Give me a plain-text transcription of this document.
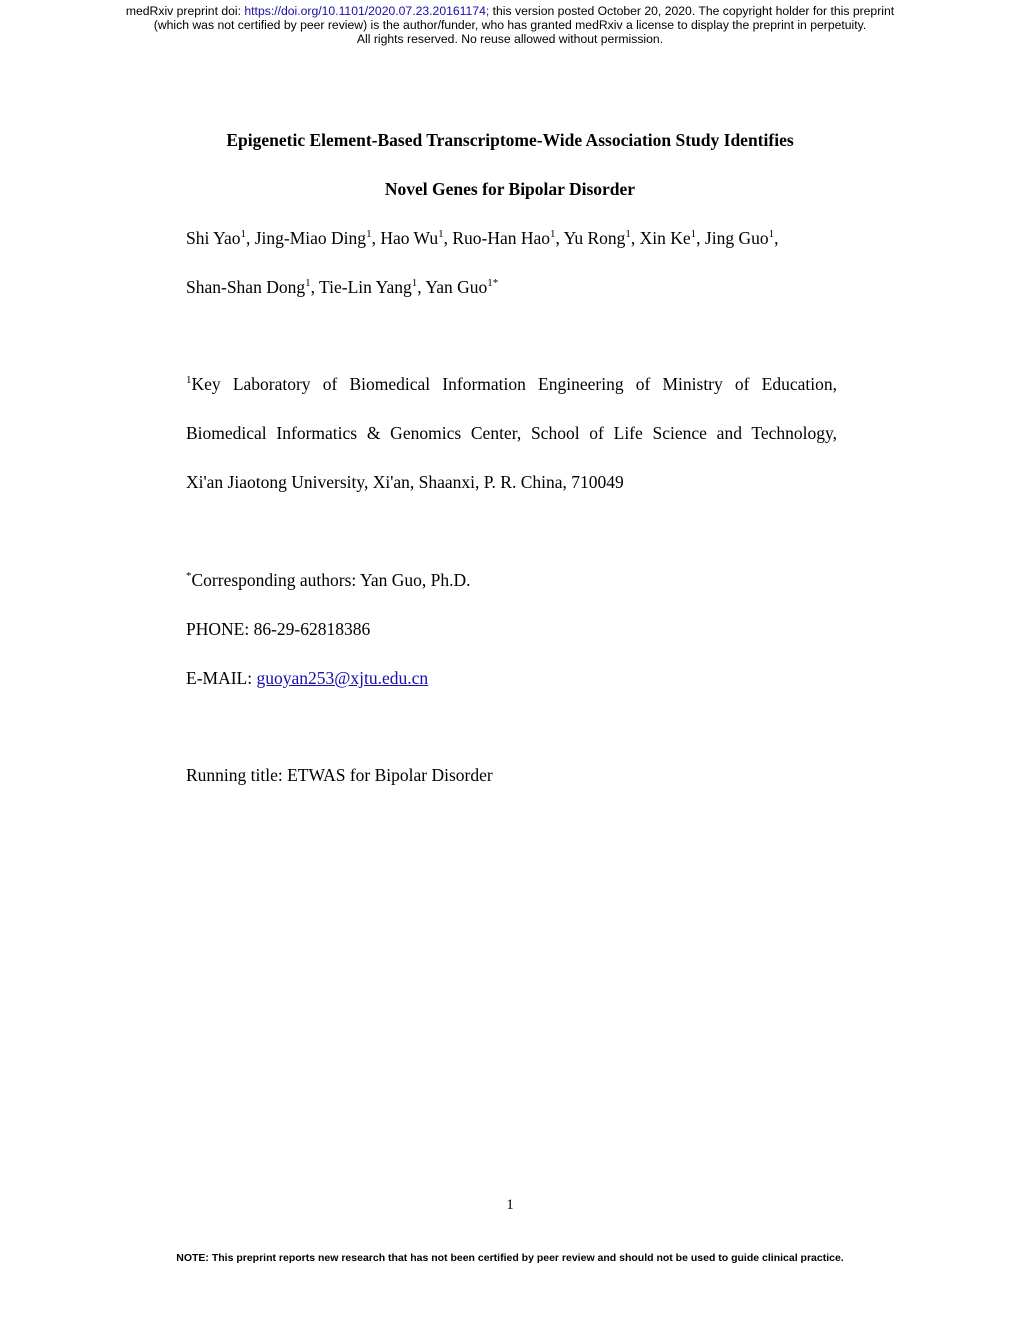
medRxiv preprint doi: https://doi.org/10.1101/2020.07.23.20161174; this version posted October 20, 2020. The copyright holder for this preprint
(which was not certified by peer review) is the author/funder, who has granted medRxiv a license to display the preprint in perpetuity.
All rights reserved. No reuse allowed without permission.
Epigenetic Element-Based Transcriptome-Wide Association Study Identifies
Novel Genes for Bipolar Disorder
Shi Yao$^1$, Jing-Miao Ding$^1$, Hao Wu$^1$, Ruo-Han Hao$^1$, Yu Rong$^1$, Xin Ke$^1$, Jing Guo$^1$,
Shan-Shan Dong$^1$, Tie-Lin Yang$^1$, Yan Guo$^{1*}$
$^1$Key Laboratory of Biomedical Information Engineering of Ministry of Education,
Biomedical Informatics & Genomics Center, School of Life Science and Technology,
Xi'an Jiaotong University, Xi'an, Shaanxi, P. R. China, 710049
*Corresponding authors: Yan Guo, Ph.D.
PHONE: 86-29-62818386
E-MAIL: guoyan253@xjtu.edu.cn
Running title: ETWAS for Bipolar Disorder
1
NOTE: This preprint reports new research that has not been certified by peer review and should not be used to guide clinical practice.
